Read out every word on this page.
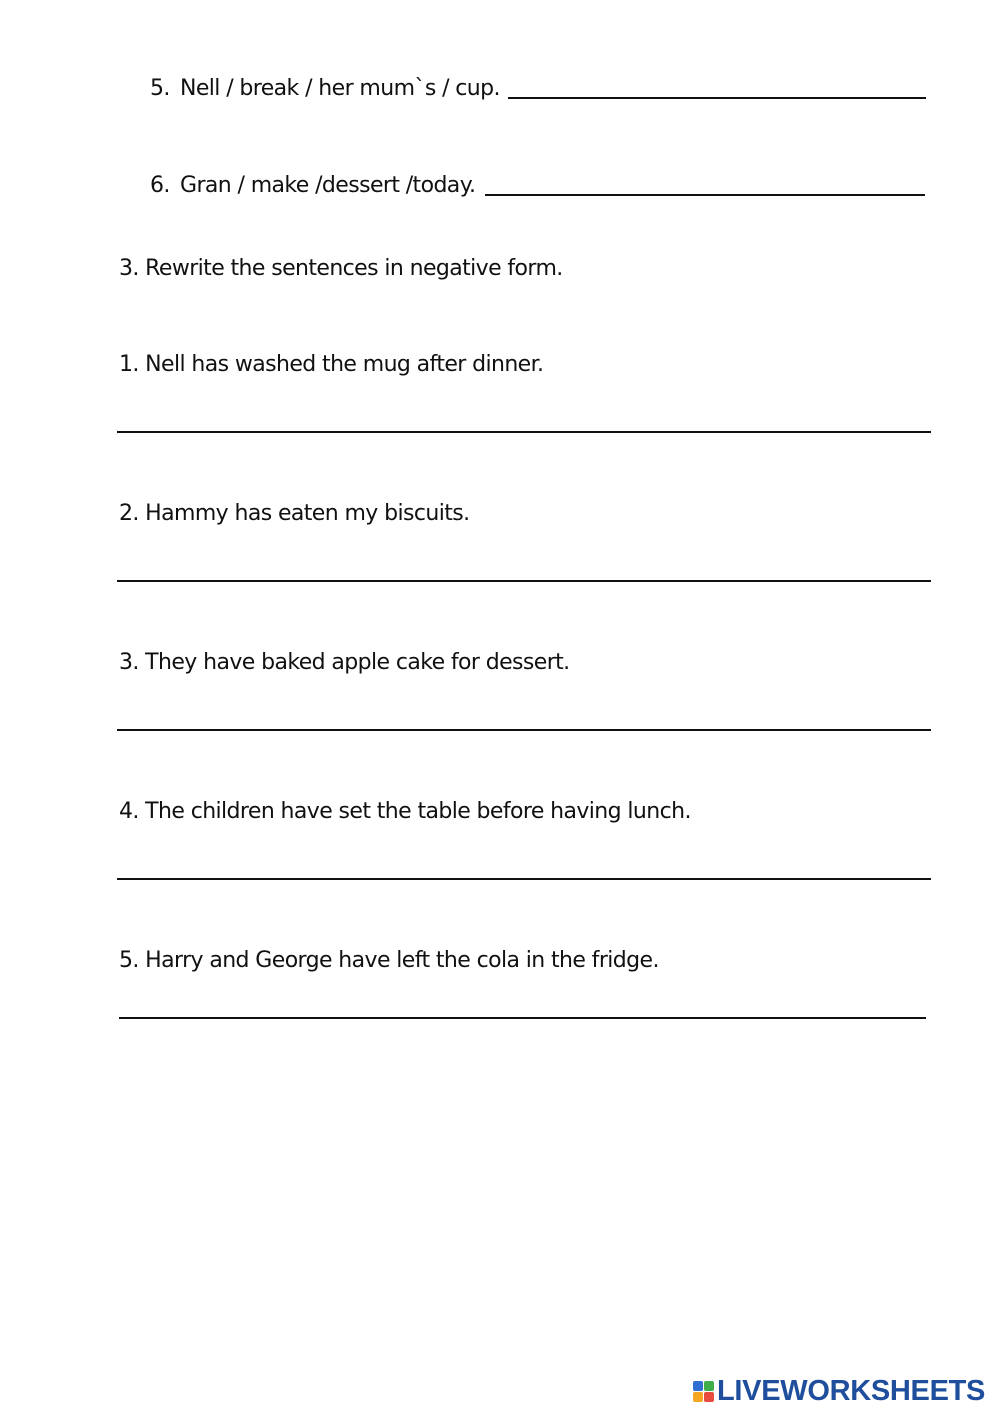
5. Nell / break / her mum`s / cup.
6. Gran / make /dessert /today.
3. Rewrite the sentences in negative form.
1. Nell has washed the mug after dinner.
2. Hammy has eaten my biscuits.
3. They have baked apple cake for dessert.
4. The children have set the table before having lunch.
5. Harry and George have left the cola in the fridge.
LIVEWORKSHEETS
